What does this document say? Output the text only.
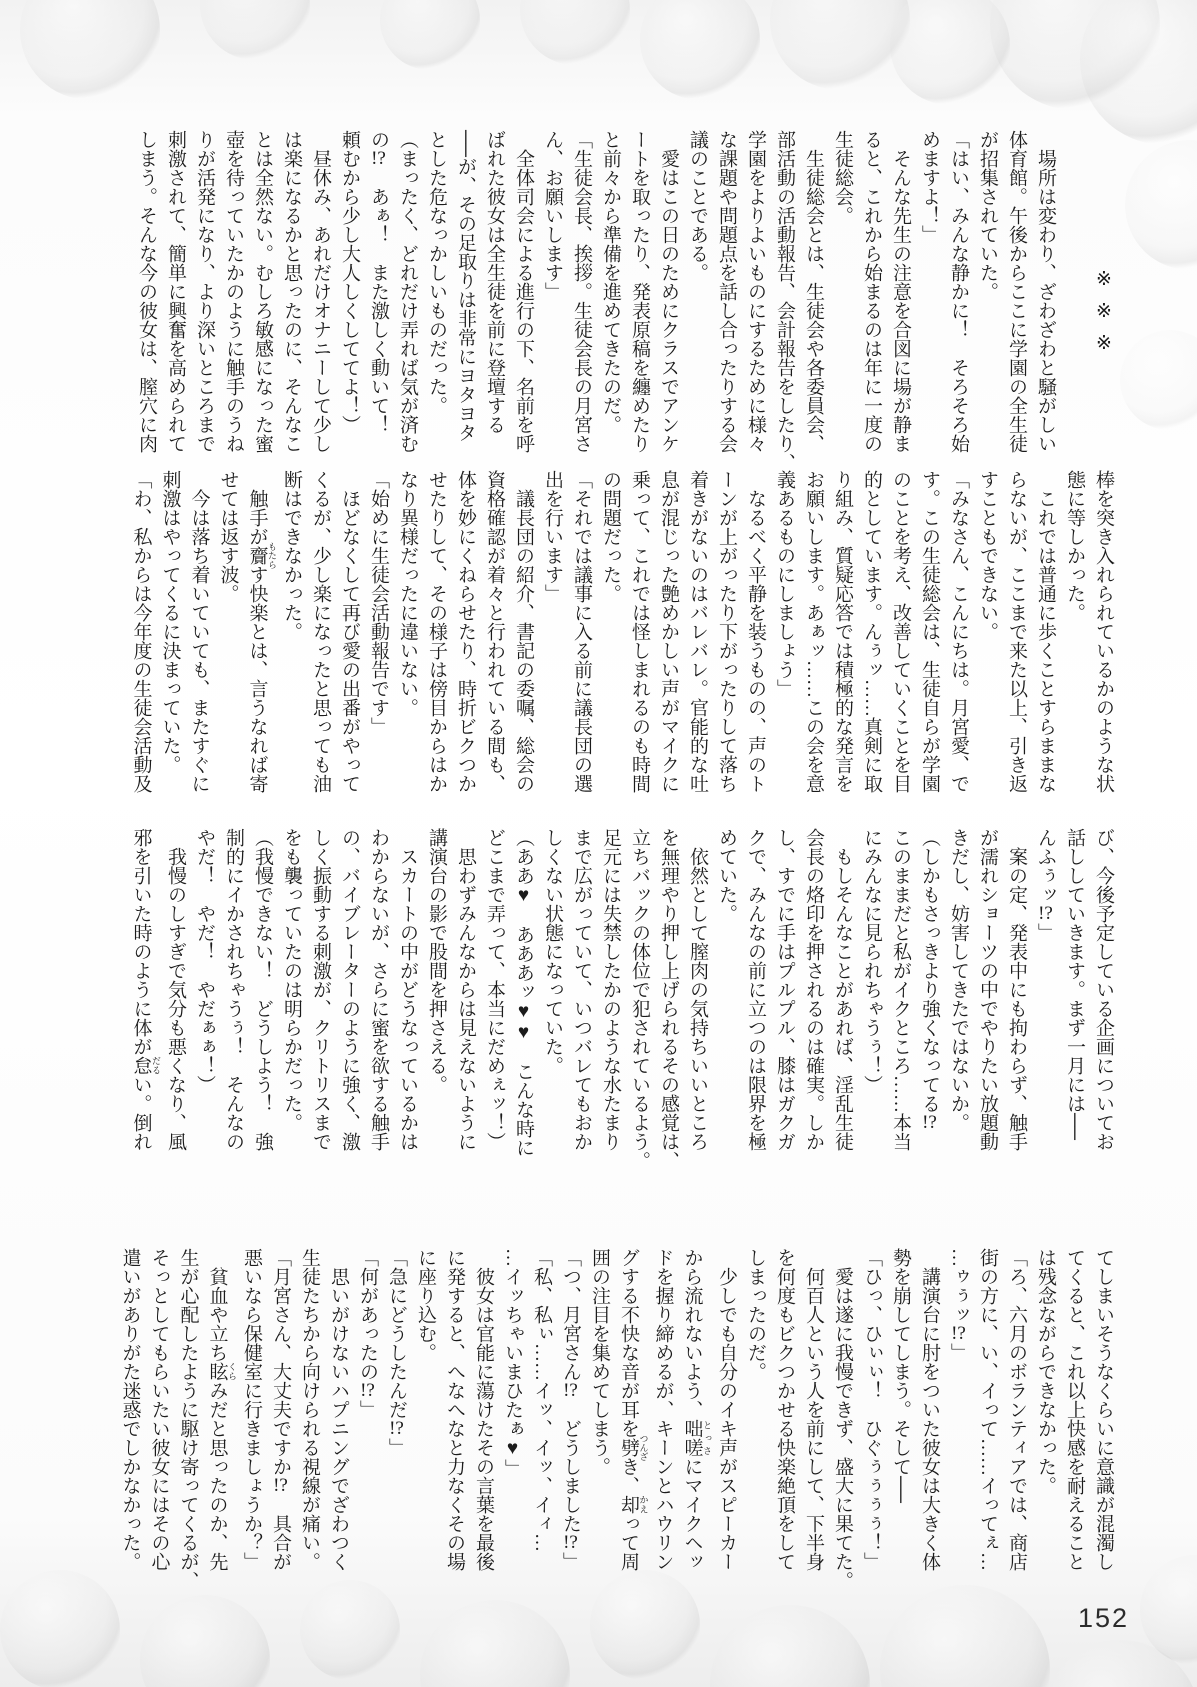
※※※

　場所は変わり、ざわざわと騒がしい

体育館。午後からここに学園の全生徒

が招集されていた。

「はい、みんな静かに！　そろそろ始

めますよ！」

　そんな先生の注意を合図に場が静ま

ると、これから始まるのは年に一度の

生徒総会。

　生徒総会とは、生徒会や各委員会、

部活動の活動報告、会計報告をしたり、

学園をよりよいものにするために様々

な課題や問題点を話し合ったりする会

議のことである。

　愛はこの日のためにクラスでアンケ

ートを取ったり、発表原稿を纏めたり

と前々から準備を進めてきたのだ。

「生徒会長、挨拶。生徒会長の月宮さ

ん、お願いします」

　全体司会による進行の下、名前を呼

ばれた彼女は全生徒を前に登壇する

──が、その足取りは非常にヨタヨタ

とした危なっかしいものだった。

（まったく、どれだけ弄れば気が済む

の!?　あぁ！　また激しく動いて！

頼むから少し大人しくしててよ！）

　昼休み、あれだけオナニーして少し

は楽になるかと思ったのに、そんなこ

とは全然ない。むしろ敏感になった蜜

壺を待っていたかのように触手のうね

りが活発になり、より深いところまで

刺激されて、簡単に興奮を高められて

しまう。そんな今の彼女は、膣穴に肉

棒を突き入れられているかのような状

態に等しかった。

　これでは普通に歩くことすらままな

らないが、ここまで来た以上、引き返

すこともできない。

「みなさん、こんにちは。月宮愛、で

す。この生徒総会は、生徒自らが学園

のことを考え、改善していくことを目

的としています。んぅッ……真剣に取

り組み、質疑応答では積極的な発言を

お願いします。あぁッ……この会を意

義あるものにしましょう」

　なるべく平静を装うものの、声のト

ーンが上がったり下がったりして落ち

着きがないのはバレバレ。官能的な吐

息が混じった艶めかしい声がマイクに

乗って、これでは怪しまれるのも時間

の問題だった。

「それでは議事に入る前に議長団の選

出を行います」

　議長団の紹介、書記の委嘱、総会の

資格確認が着々と行われている間も、

体を妙にくねらせたり、時折ビクつか

せたりして、その様子は傍目からはか

なり異様だったに違いない。

「始めに生徒会活動報告です」

　ほどなくして再び愛の出番がやって

くるが、少し楽になったと思っても油

断はできなかった。

　触手が齎 もたらす快楽とは、言うなれば寄

せては返す波。

　今は落ち着いていても、またすぐに

刺激はやってくるに決まっていた。

「わ、私からは今年度の生徒会活動及

び、今後予定している企画についてお

話ししていきます。まず一月には──

んふぅッ!?」

　案の定、発表中にも拘わらず、触手

が濡れショーツの中でやりたい放題動

きだし、妨害してきたではないか。

（しかもさっきより強くなってる!?

このままだと私がイクところ……本当

にみんなに見られちゃうぅ！）

　もしそんなことがあれば、淫乱生徒

会長の烙印を押されるのは確実。しか

し、すでに手はプルプル、膝はガクガ

クで、みんなの前に立つのは限界を極

めていた。

　依然として膣肉の気持ちいいところ

を無理やり押し上げられるその感覚は、

立ちバックの体位で犯されているよう。

足元には失禁したかのような水たまり

まで広がっていて、いつバレてもおか

しくない状態になっていた。

（ああ♥　あああッ♥♥　こんな時に

どこまで弄って、本当にだめぇッ！）

　思わずみんなからは見えないように

講演台の影で股間を押さえる。

　スカートの中がどうなっているかは

わからないが、さらに蜜を欲する触手

の、バイブレーターのように強く、激

しく振動する刺激が、クリトリスまで

をも襲っていたのは明らかだった。

（我慢できない！　どうしよう！　強

制的にイかされちゃうぅ！　そんなの

やだ！　やだ！　やだぁぁ！）

　我慢のしすぎで気分も悪くなり、風

邪を引いた時のように体が怠 だるい。倒れ

てしまいそうなくらいに意識が混濁し

てくると、これ以上快感を耐えること

は残念ながらできなかった。

「ろ、六月のボランティアでは、商店

街の方に、い、イって……イってぇ…

…ゥぅッ!?」

　講演台に肘をついた彼女は大きく体

勢を崩してしまう。そして──

「ひっ、ひぃぃ！　ひぐぅぅぅぅ！」

　愛は遂に我慢できず、盛大に果てた。

　何百人という人を前にして、下半身

を何度もビクつかせる快楽絶頂をして

しまったのだ。

　少しでも自分のイキ声がスピーカー

から流れないよう、咄嗟 とっさにマイクヘッ

ドを握り締めるが、キーンとハウリン

グする不快な音が耳を劈 つんざき、却 かえって周

囲の注目を集めてしまう。

「つ、月宮さん!?　どうしました!?」

「私、私ぃ……イッ、イッ、イィ…

…イッちゃいまひたぁ♥」

　彼女は官能に蕩けたその言葉を最後

に発すると、へなへなと力なくその場

に座り込む。

「急にどうしたんだ!?」

「何があったの!?」

　思いがけないハプニングでざわつく

生徒たちから向けられる視線が痛い。

「月宮さん、大丈夫ですか!?　具合が

悪いなら保健室に行きましょうか？」

　貧血や立ち眩 くらみだと思ったのか、先

生が心配したように駆け寄ってくるが、

そっとしてもらいたい彼女にはその心

遣いがありがた迷惑でしかなかった。

152
